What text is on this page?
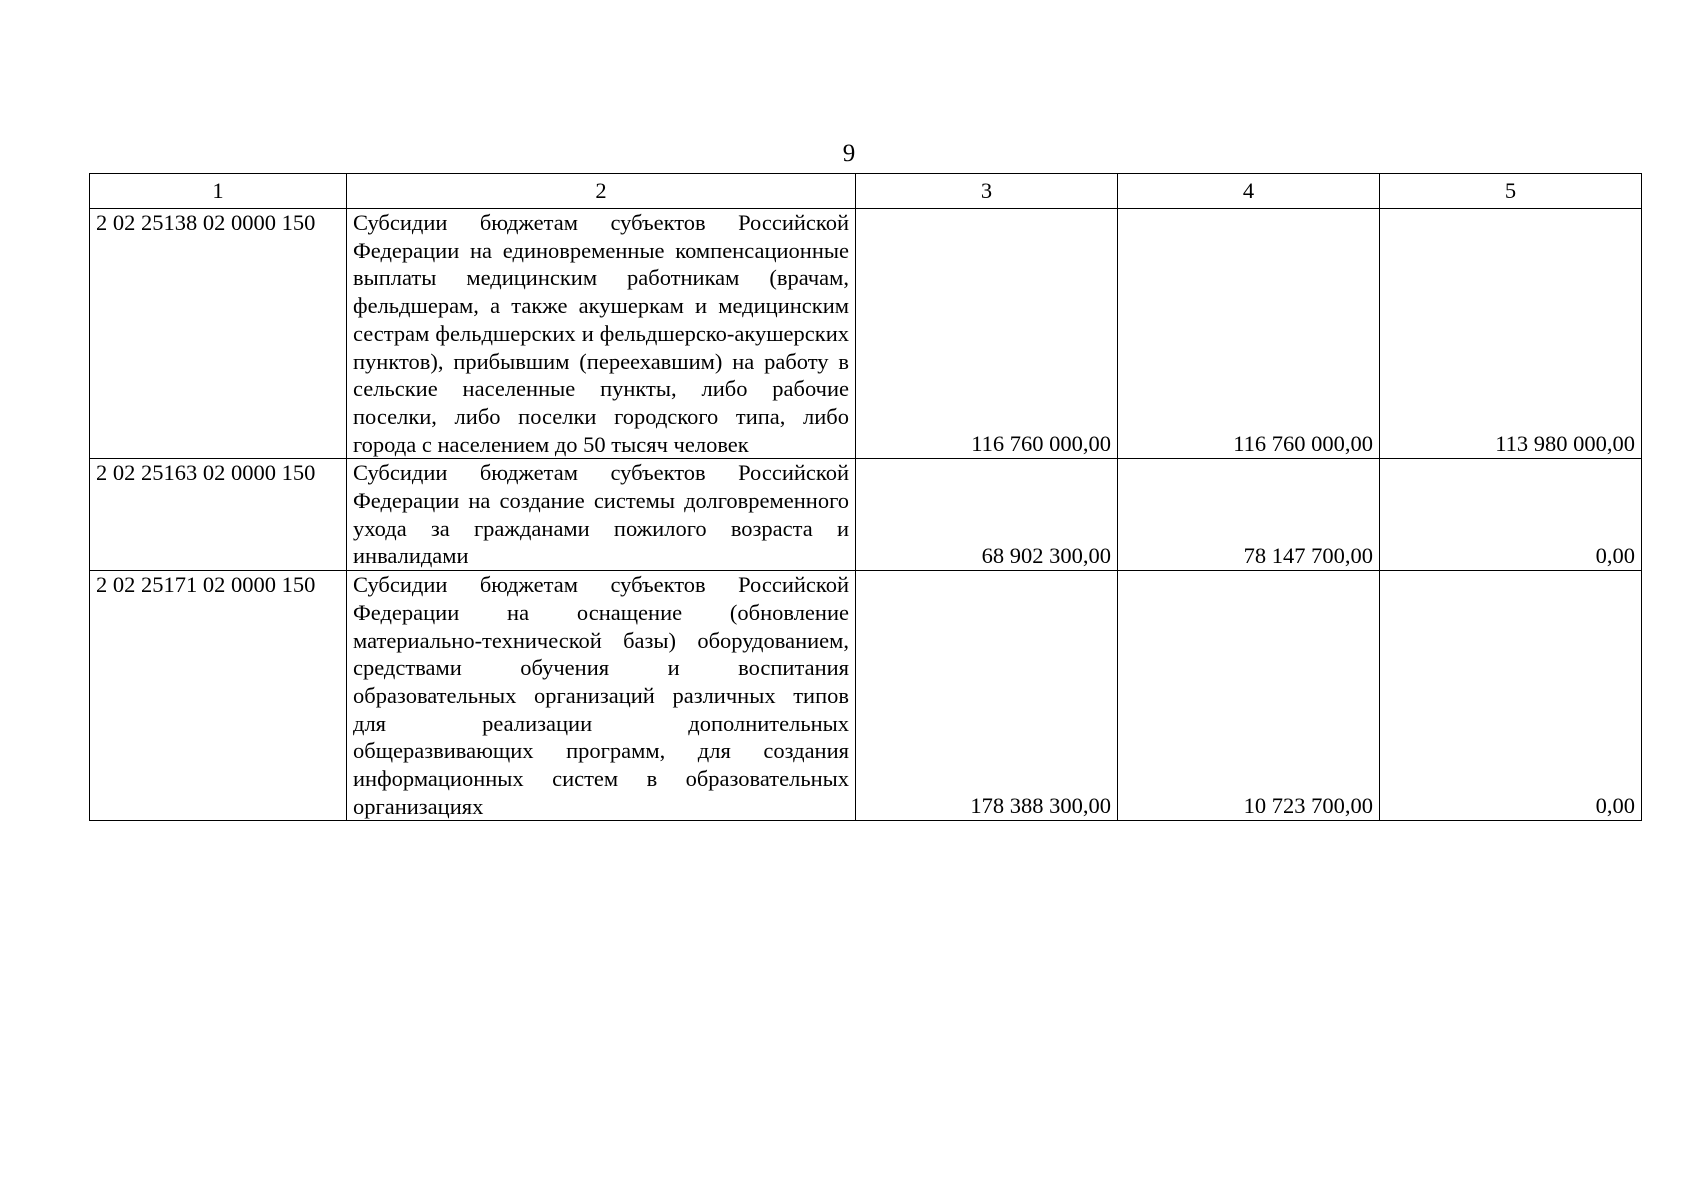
9
1	2	3	4	5
2 02 25138 02 0000 150	Субсидии бюджетам субъектов Российской Федерации на единовременные компенсационные выплаты медицинским работникам (врачам, фельдшерам, а также акушеркам и медицинским сестрам фельдшерских и фельдшерско-акушерских пунктов), прибывшим (переехавшим) на работу в сельские населенные пункты, либо рабочие поселки, либо поселки городского типа, либо города с населением до 50 тысяч человек	116 760 000,00	116 760 000,00	113 980 000,00
2 02 25163 02 0000 150	Субсидии бюджетам субъектов Российской Федерации на создание системы долговременного ухода за гражданами пожилого возраста и инвалидами	68 902 300,00	78 147 700,00	0,00
2 02 25171 02 0000 150	Субсидии бюджетам субъектов Российской Федерации на оснащение (обновление материально-технической базы) оборудованием, средствами обучения и воспитания образовательных организаций различных типов для реализации дополнительных общеразвивающих программ, для создания информационных систем в образовательных организациях	178 388 300,00	10 723 700,00	0,00
